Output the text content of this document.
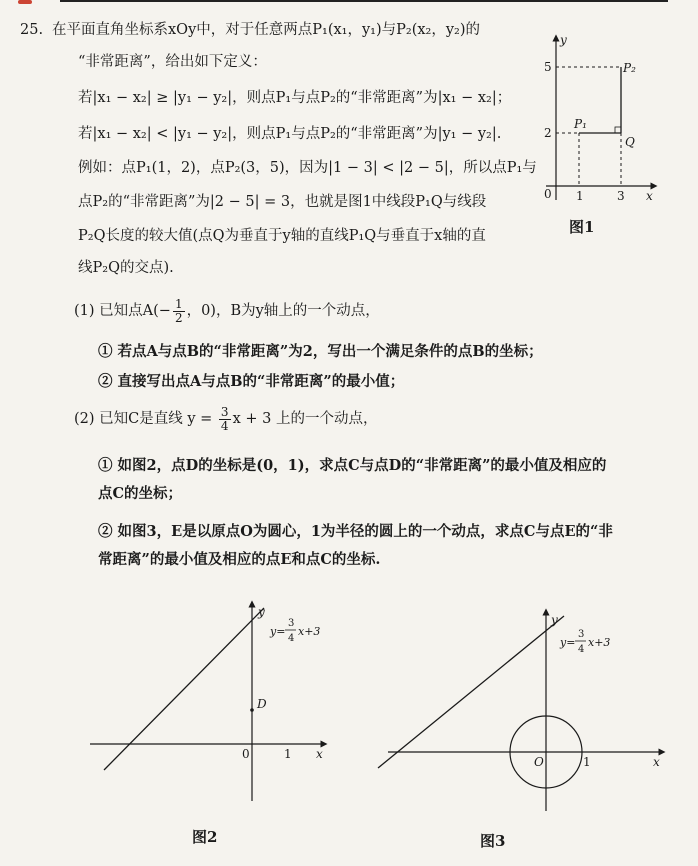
25. 在平面直角坐标系xOy中，对于任意两点P₁(x₁，y₁)与P₂(x₂，y₂)的
“非常距离”，给出如下定义：
若|x₁ − x₂| ≥ |y₁ − y₂|，则点P₁与点P₂的“非常距离”为|x₁ − x₂|；
若|x₁ − x₂| < |y₁ − y₂|，则点P₁与点P₂的“非常距离”为|y₁ − y₂|.
例如：点P₁(1，2)，点P₂(3，5)，因为|1 − 3| < |2 − 5|，所以点P₁与
点P₂的“非常距离”为|2 − 5| = 3，也就是图1中线段P₁Q与线段
P₂Q长度的较大值(点Q为垂直于y轴的直线P₁Q与垂直于x轴的直
线P₂Q的交点).
(1) 已知点$A(- \frac{1}{2}$ ，0)，B为y轴上的一个动点，
① 若点A与点B的“非常距离”为2，写出一个满足条件的点B的坐标；
② 直接写出点A与点B的“非常距离”的最小值；
(2) 已知C是直线 $y = \frac{3}{4}$ x + 3 上的一个动点，
① 如图2，点D的坐标是(0，1)，求点C与点D的“非常距离”的最小值及相应的
点C的坐标；
② 如图3，E是以原点O为圆心，1为半径的圆上的一个动点，求点C与点E的“非
常距离”的最小值及相应的点E和点C的坐标.
y
x
0 1	3
2
5
P₁
P₂
Q
图1
y
x
0	1
D
y=
3
4
x+3
图2
y
x
O	1
y=
3
4
x+3
图3
